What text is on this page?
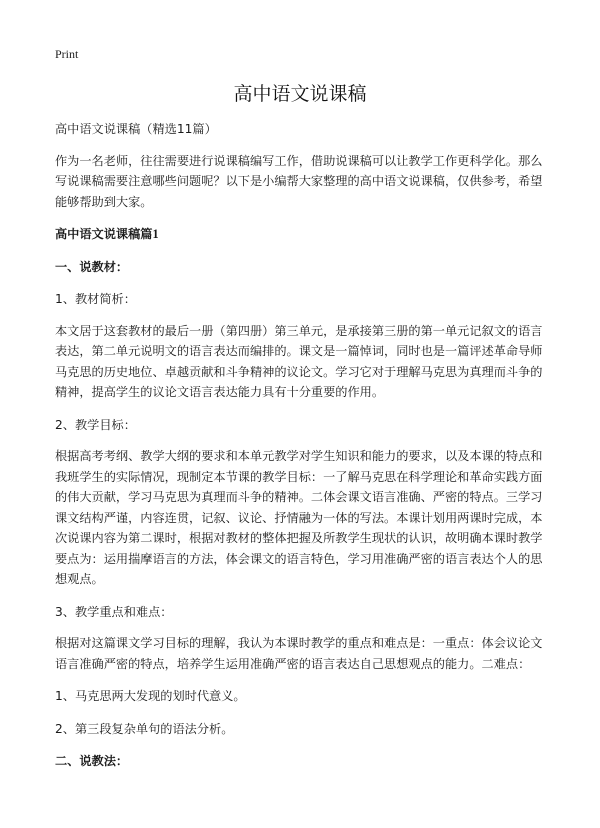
Print
高中语文说课稿

高中语文说课稿（精选11篇）

作为一名老师，往往需要进行说课稿编写工作，借助说课稿可以让教学工作更科学化。那么写说课稿需要注意哪些问题呢？以下是小编帮大家整理的高中语文说课稿，仅供参考，希望能够帮助到大家。

高中语文说课稿篇1

一、说教材：

1、教材简析：

本文居于这套教材的最后一册（第四册）第三单元，是承接第三册的第一单元记叙文的语言表达，第二单元说明文的语言表达而编排的。课文是一篇悼词，同时也是一篇评述革命导师马克思的历史地位、卓越贡献和斗争精神的议论文。学习它对于理解马克思为真理而斗争的精神，提高学生的议论文语言表达能力具有十分重要的作用。

2、教学目标：

根据高考考纲、教学大纲的要求和本单元教学对学生知识和能力的要求，以及本课的特点和我班学生的实际情况，现制定本节课的教学目标：一了解马克思在科学理论和革命实践方面的伟大贡献，学习马克思为真理而斗争的精神。二体会课文语言准确、严密的特点。三学习课文结构严谨，内容连贯，记叙、议论、抒情融为一体的写法。本课计划用两课时完成，本次说课内容为第二课时，根据对教材的整体把握及所教学生现状的认识，故明确本课时教学要点为：运用揣摩语言的方法，体会课文的语言特色，学习用准确严密的语言表达个人的思想观点。

3、教学重点和难点：

根据对这篇课文学习目标的理解，我认为本课时教学的重点和难点是：一重点：体会议论文语言准确严密的特点，培养学生运用准确严密的语言表达自己思想观点的能力。二难点：

1、马克思两大发现的划时代意义。

2、第三段复杂单句的语法分析。

二、说教法：
